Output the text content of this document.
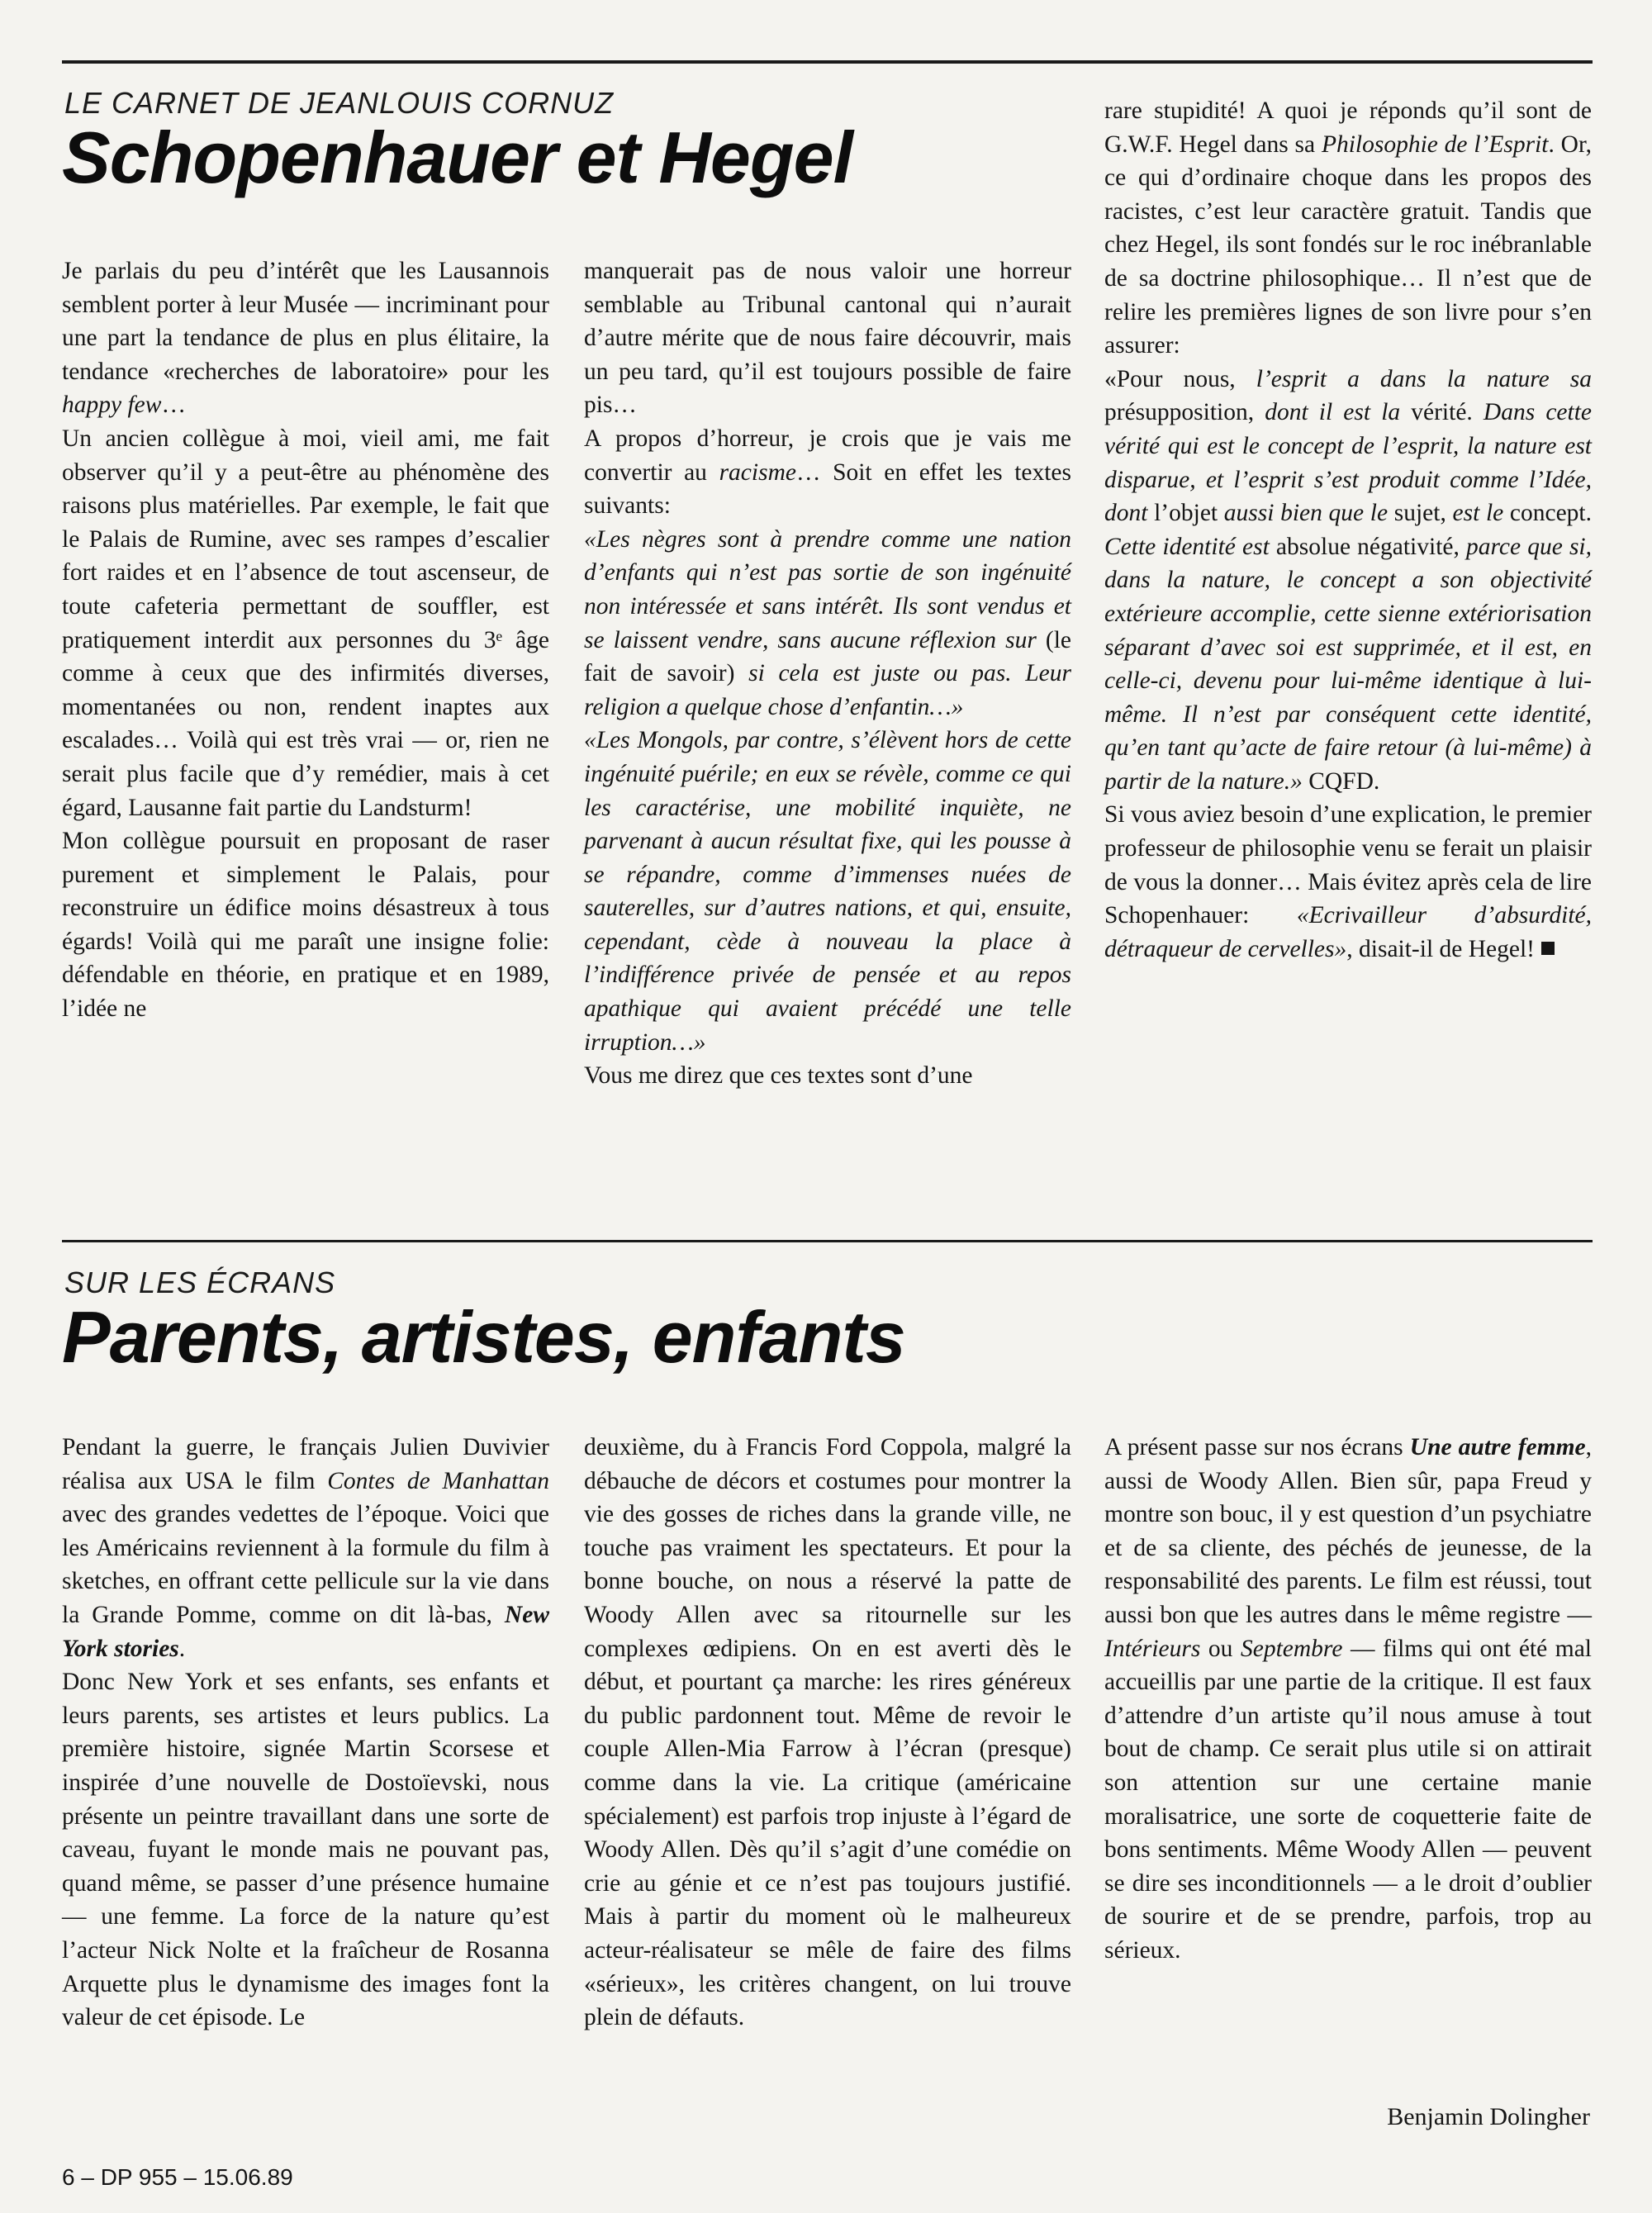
LE CARNET DE JEANLOUIS CORNUZ
Schopenhauer et Hegel

Je parlais du peu d’intérêt que les Lausannois semblent porter à leur Musée — incriminant pour une part la tendance de plus en plus élitaire, la tendance «recherches de laboratoire» pour les happy few…

Un ancien collègue à moi, vieil ami, me fait observer qu’il y a peut-être au phénomène des raisons plus matérielles. Par exemple, le fait que le Palais de Rumine, avec ses rampes d’escalier fort raides et en l’absence de tout ascenseur, de toute cafeteria permettant de souffler, est pratiquement interdit aux personnes du 3ᵉ âge comme à ceux que des infirmités diverses, momentanées ou non, rendent inaptes aux escalades… Voilà qui est très vrai — or, rien ne serait plus facile que d’y remédier, mais à cet égard, Lausanne fait partie du Landsturm!

Mon collègue poursuit en proposant de raser purement et simplement le Palais, pour reconstruire un édifice moins désastreux à tous égards! Voilà qui me paraît une insigne folie: défendable en théorie, en pratique et en 1989, l’idée ne

manquerait pas de nous valoir une horreur semblable au Tribunal cantonal qui n’aurait d’autre mérite que de nous faire découvrir, mais un peu tard, qu’il est toujours possible de faire pis…

A propos d’horreur, je crois que je vais me convertir au racisme… Soit en effet les textes suivants:

«Les nègres sont à prendre comme une nation d’enfants qui n’est pas sortie de son ingénuité non intéressée et sans intérêt. Ils sont vendus et se laissent vendre, sans aucune réflexion sur (le fait de savoir) si cela est juste ou pas. Leur religion a quelque chose d’enfantin…»

«Les Mongols, par contre, s’élèvent hors de cette ingénuité puérile; en eux se révèle, comme ce qui les caractérise, une mobilité inquiète, ne parvenant à aucun résultat fixe, qui les pousse à se répandre, comme d’immenses nuées de sauterelles, sur d’autres nations, et qui, ensuite, cependant, cède à nouveau la place à l’indifférence privée de pensée et au repos apathique qui avaient précédé une telle irruption…»

Vous me direz que ces textes sont d’une

rare stupidité! A quoi je réponds qu’il sont de G.W.F. Hegel dans sa Philosophie de l’Esprit. Or, ce qui d’ordinaire choque dans les propos des racistes, c’est leur caractère gratuit. Tandis que chez Hegel, ils sont fondés sur le roc inébranlable de sa doctrine philosophique… Il n’est que de relire les premières lignes de son livre pour s’en assurer:

«Pour nous, l’esprit a dans la nature sa présupposition, dont il est la vérité. Dans cette vérité qui est le concept de l’esprit, la nature est disparue, et l’esprit s’est produit comme l’Idée, dont l’objet aussi bien que le sujet, est le concept. Cette identité est absolue négativité, parce que si, dans la nature, le concept a son objectivité extérieure accomplie, cette sienne extériorisation séparant d’avec soi est supprimée, et il est, en celle-ci, devenu pour lui-même identique à lui-même. Il n’est par conséquent cette identité, qu’en tant qu’acte de faire retour (à lui-même) à partir de la nature.» CQFD.

Si vous aviez besoin d’une explication, le premier professeur de philosophie venu se ferait un plaisir de vous la donner… Mais évitez après cela de lire Schopenhauer: «Ecrivailleur d’absurdité, détraqueur de cervelles», disait-il de Hegel!

SUR LES ÉCRANS
Parents, artistes, enfants

Pendant la guerre, le français Julien Duvivier réalisa aux USA le film Contes de Manhattan avec des grandes vedettes de l’époque. Voici que les Américains reviennent à la formule du film à sketches, en offrant cette pellicule sur la vie dans la Grande Pomme, comme on dit là-bas, New York stories.

Donc New York et ses enfants, ses enfants et leurs parents, ses artistes et leurs publics. La première histoire, signée Martin Scorsese et inspirée d’une nouvelle de Dostoïevski, nous présente un peintre travaillant dans une sorte de caveau, fuyant le monde mais ne pouvant pas, quand même, se passer d’une présence humaine — une femme. La force de la nature qu’est l’acteur Nick Nolte et la fraîcheur de Rosanna Arquette plus le dynamisme des images font la valeur de cet épisode. Le

deuxième, du à Francis Ford Coppola, malgré la débauche de décors et costumes pour montrer la vie des gosses de riches dans la grande ville, ne touche pas vraiment les spectateurs. Et pour la bonne bouche, on nous a réservé la patte de Woody Allen avec sa ritournelle sur les complexes œdipiens. On en est averti dès le début, et pourtant ça marche: les rires généreux du public pardonnent tout. Même de revoir le couple Allen-Mia Farrow à l’écran (presque) comme dans la vie. La critique (américaine spécialement) est parfois trop injuste à l’égard de Woody Allen. Dès qu’il s’agit d’une comédie on crie au génie et ce n’est pas toujours justifié. Mais à partir du moment où le malheureux acteur-réalisateur se mêle de faire des films «sérieux», les critères changent, on lui trouve plein de défauts.

A présent passe sur nos écrans Une autre femme, aussi de Woody Allen. Bien sûr, papa Freud y montre son bouc, il y est question d’un psychiatre et de sa cliente, des péchés de jeunesse, de la responsabilité des parents. Le film est réussi, tout aussi bon que les autres dans le même registre — Intérieurs ou Septembre — films qui ont été mal accueillis par une partie de la critique. Il est faux d’attendre d’un artiste qu’il nous amuse à tout bout de champ. Ce serait plus utile si on attirait son attention sur une certaine manie moralisatrice, une sorte de coquetterie faite de bons sentiments. Même Woody Allen — peuvent se dire ses inconditionnels — a le droit d’oublier de sourire et de se prendre, parfois, trop au sérieux.

Benjamin Dolingher
6 – DP 955 – 15.06.89
